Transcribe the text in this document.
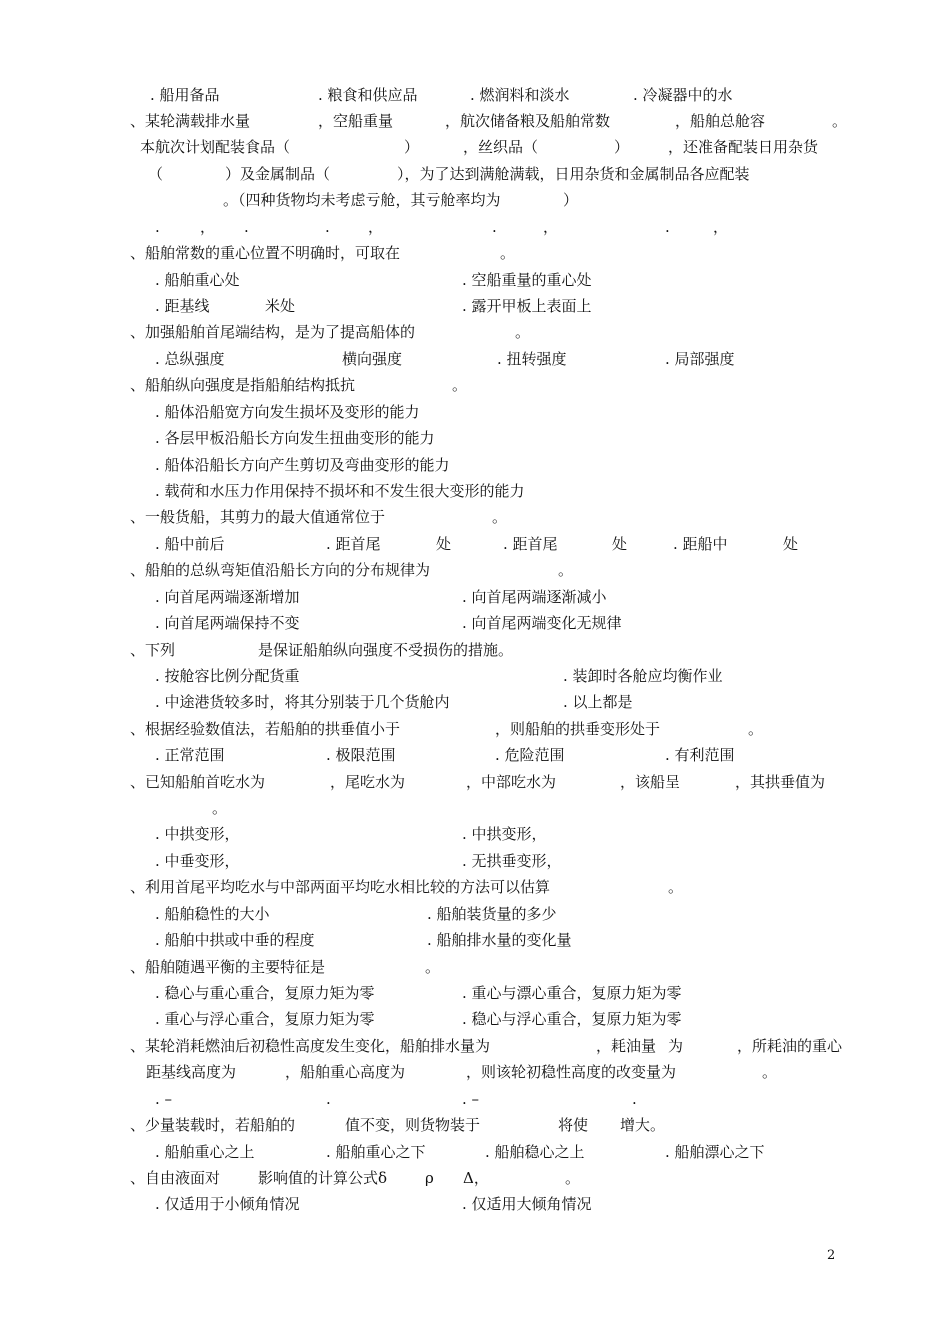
. 船用备品	. 粮食和供应品	. 燃润料和淡水	. 冷凝器中的水
、某轮满载排水量	，空船重量	，航次储备粮及船舶常数	，船舶总舱容	。
本航次计划配装食品（	）	，丝织品（	）	，还准备配装日用杂货
（	）及金属制品（	），为了达到满舱满载，日用杂货和金属制品各应配装
。（四种货物均未考虑亏舱，其亏舱率均为	）
.	， .	.	，	.	，	.	，
、船舶常数的重心位置不明确时，可取在	。
. 船舶重心处	. 空船重量的重心处
. 距基线	米处	. 露开甲板上表面上
、加强船舶首尾端结构，是为了提高船体的	。
. 总纵强度	横向强度	. 扭转强度	. 局部强度
、船舶纵向强度是指船舶结构抵抗	。
. 船体沿船宽方向发生损坏及变形的能力
. 各层甲板沿船长方向发生扭曲变形的能力
. 船体沿船长方向产生剪切及弯曲变形的能力
. 载荷和水压力作用保持不损坏和不发生很大变形的能力
、一般货船，其剪力的最大值通常位于	。
. 船中前后	. 距首尾	处	. 距首尾	处	. 距船中	处
、船舶的总纵弯矩值沿船长方向的分布规律为	。
. 向首尾两端逐渐增加	. 向首尾两端逐渐减小
. 向首尾两端保持不变	. 向首尾两端变化无规律
、下列	是保证船舶纵向强度不受损伤的措施。
. 按舱容比例分配货重	. 装卸时各舱应均衡作业
. 中途港货较多时，将其分别装于几个货舱内	. 以上都是
、根据经验数值法，若船舶的拱垂值小于	，则船舶的拱垂变形处于	。
. 正常范围	. 极限范围	. 危险范围	. 有利范围
、已知船舶首吃水为	，尾吃水为	，中部吃水为	，该船呈	，其拱垂值为
。
. 中拱变形，	. 中拱变形，
. 中垂变形，	. 无拱垂变形，
、利用首尾平均吃水与中部两面平均吃水相比较的方法可以估算	。
. 船舶稳性的大小	. 船舶装货量的多少
. 船舶中拱或中垂的程度	. 船舶排水量的变化量
、船舶随遇平衡的主要特征是	。
. 稳心与重心重合，复原力矩为零	. 重心与漂心重合，复原力矩为零
. 重心与浮心重合，复原力矩为零	. 稳心与浮心重合，复原力矩为零
、某轮消耗燃油后初稳性高度发生变化，船舶排水量为	，耗油量 为	，所耗油的重心
距基线高度为	，船舶重心高度为	，则该轮初稳性高度的改变量为	。
. –	.	. –	.
、少量装载时，若船舶的	值不变，则货物装于	将使 增大。
. 船舶重心之上	. 船舶重心之下	. 船舶稳心之上	. 船舶漂心之下
、自由液面对	影响值的计算公式δ	ρ Δ，	。
. 仅适用于小倾角情况	. 仅适用大倾角情况
2
